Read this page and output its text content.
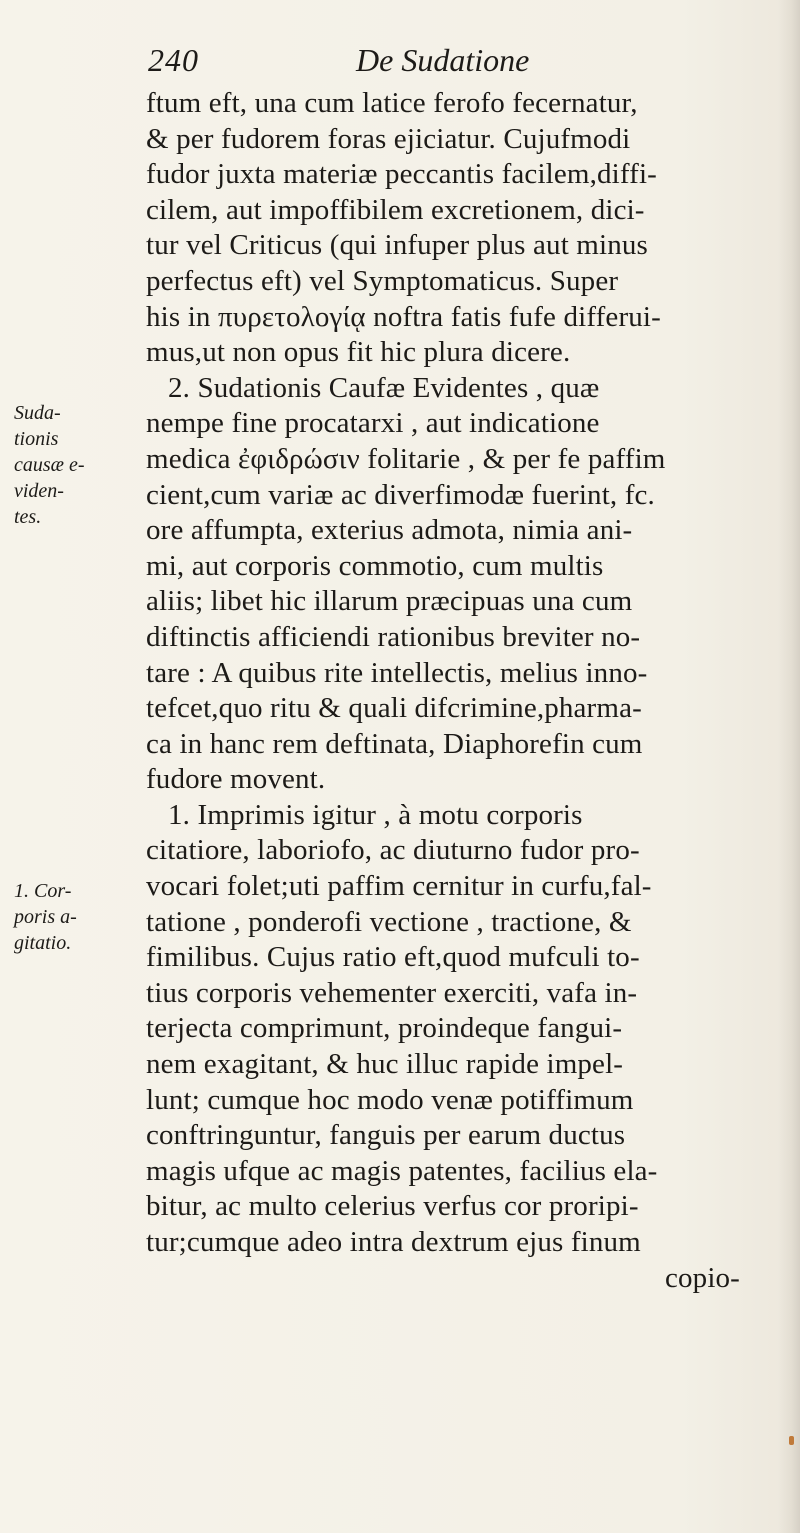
240	De Sudatione
Suda-
tionis
causæ e-
viden-
tes.
1. Cor-
poris a-
gitatio.
ftum eft, una cum latice ferofo fecernatur,
& per fudorem foras ejiciatur. Cujufmodi
fudor juxta materiæ peccantis facilem,diffi-
cilem, aut impoffibilem excretionem, dici-
tur vel Criticus (qui infuper plus aut minus
perfectus eft) vel Symptomaticus. Super
his in πυρετολογίᾳ noftra fatis fufe differui-
mus,ut non opus fit hic plura dicere.
2. Sudationis Caufæ Evidentes , quæ
nempe fine procatarxi , aut indicatione
medica ἐφιδρώσιν folitarie , & per fe paffim
cient,cum variæ ac diverfimodæ fuerint, fc.
ore affumpta, exterius admota, nimia ani-
mi, aut corporis commotio, cum multis
aliis; libet hic illarum præcipuas una cum
diftinctis afficiendi rationibus breviter no-
tare : A quibus rite intellectis, melius inno-
tefcet,quo ritu & quali difcrimine,pharma-
ca in hanc rem deftinata, Diaphorefin cum
fudore movent.
1. Imprimis igitur , à motu corporis
citatiore, laboriofo, ac diuturno fudor pro-
vocari folet;uti paffim cernitur in curfu,fal-
tatione , ponderofi vectione , tractione, &
fimilibus. Cujus ratio eft,quod mufculi to-
tius corporis vehementer exerciti, vafa in-
terjecta comprimunt, proindeque fangui-
nem exagitant, & huc illuc rapide impel-
lunt; cumque hoc modo venæ potiffimum
conftringuntur, fanguis per earum ductus
magis ufque ac magis patentes, facilius ela-
bitur, ac multo celerius verfus cor proripi-
tur;cumque adeo intra dextrum ejus finum
copio-
